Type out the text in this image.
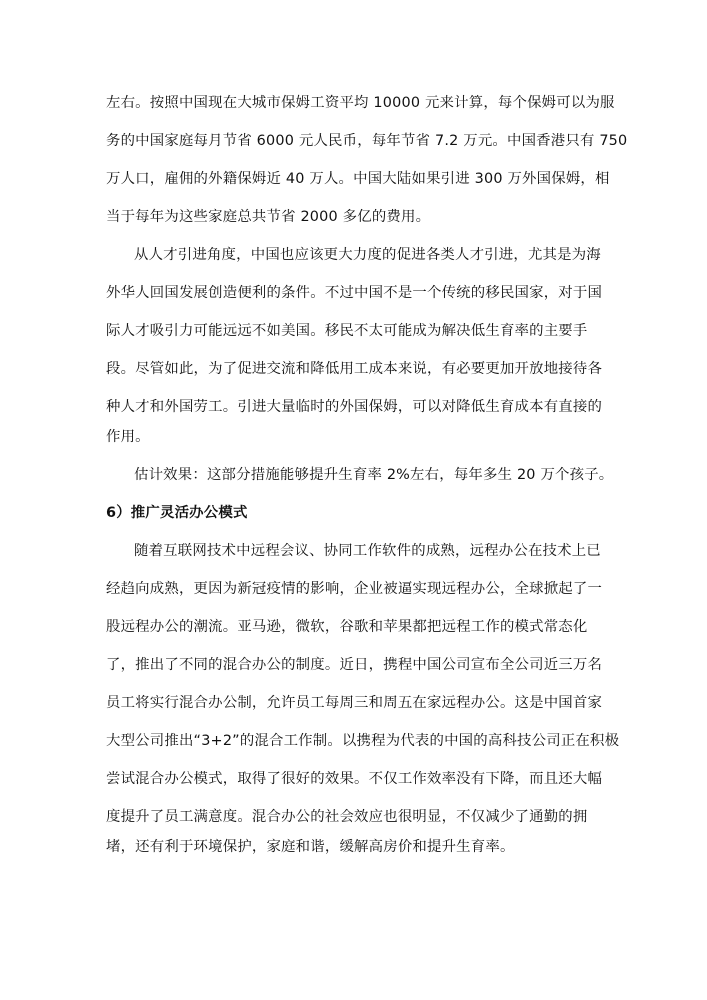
左右。按照中国现在大城市保姆工资平均 10000 元来计算，每个保姆可以为服
务的中国家庭每月节省 6000 元人民币，每年节省 7.2 万元。中国香港只有 750
万人口，雇佣的外籍保姆近 40 万人。中国大陆如果引进 300 万外国保姆，相
当于每年为这些家庭总共节省 2000 多亿的费用。
从人才引进角度，中国也应该更大力度的促进各类人才引进，尤其是为海
外华人回国发展创造便利的条件。不过中国不是一个传统的移民国家，对于国
际人才吸引力可能远远不如美国。移民不太可能成为解决低生育率的主要手
段。尽管如此，为了促进交流和降低用工成本来说，有必要更加开放地接待各
种人才和外国劳工。引进大量临时的外国保姆，可以对降低生育成本有直接的
作用。
估计效果：这部分措施能够提升生育率 2%左右，每年多生 20 万个孩子。
6）推广灵活办公模式
随着互联网技术中远程会议、协同工作软件的成熟，远程办公在技术上已
经趋向成熟，更因为新冠疫情的影响，企业被逼实现远程办公，全球掀起了一
股远程办公的潮流。亚马逊，微软，谷歌和苹果都把远程工作的模式常态化
了，推出了不同的混合办公的制度。近日，携程中国公司宣布全公司近三万名
员工将实行混合办公制，允许员工每周三和周五在家远程办公。这是中国首家
大型公司推出“3+2”的混合工作制。以携程为代表的中国的高科技公司正在积极
尝试混合办公模式，取得了很好的效果。不仅工作效率没有下降，而且还大幅
度提升了员工满意度。混合办公的社会效应也很明显，不仅减少了通勤的拥
堵，还有利于环境保护，家庭和谐，缓解高房价和提升生育率。
